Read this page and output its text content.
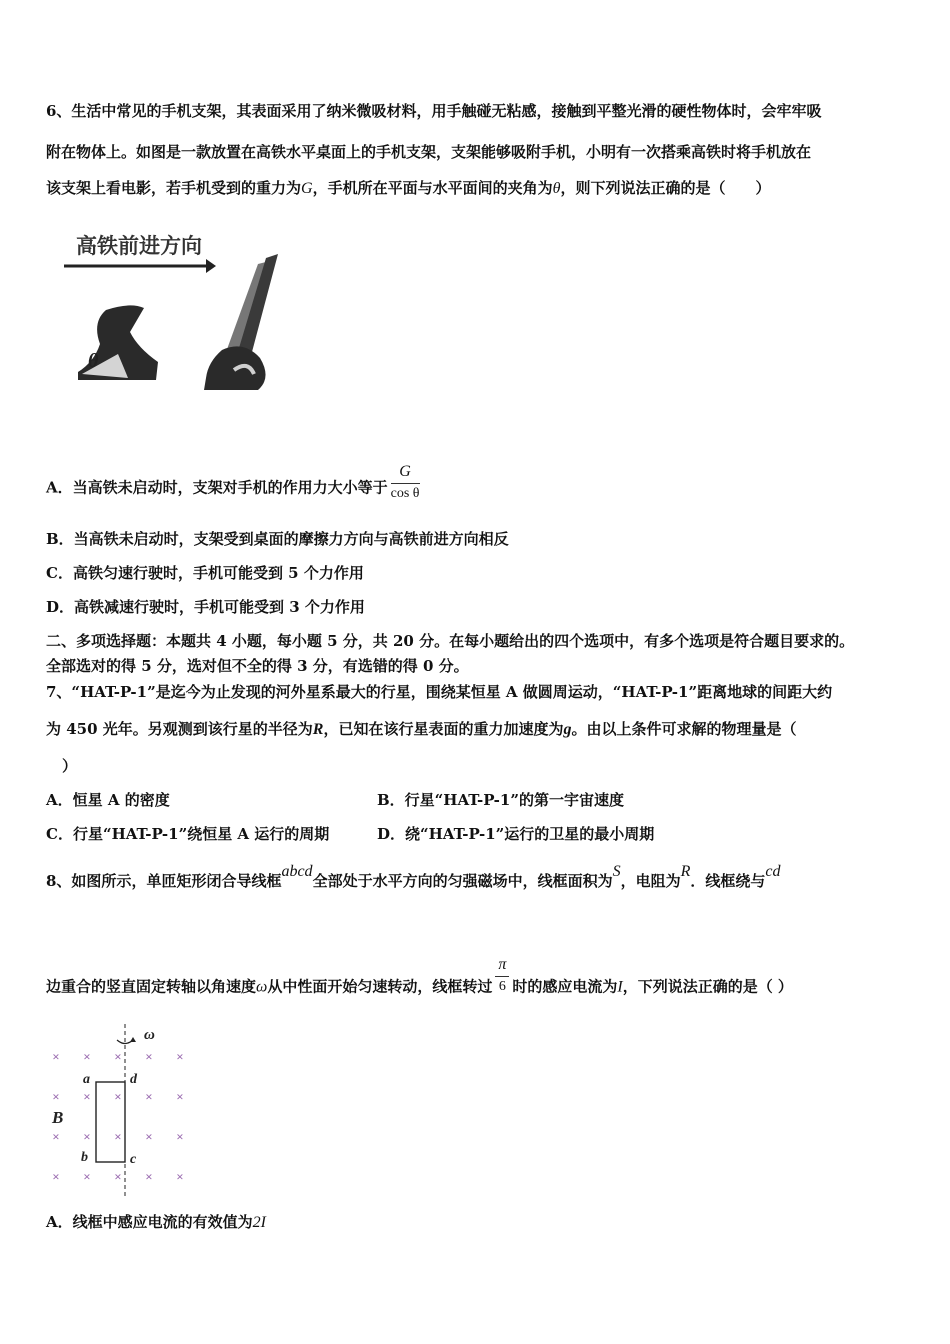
6、生活中常见的手机支架，其表面采用了纳米微吸材料，用手触碰无粘感，接触到平整光滑的硬性物体时，会牢牢吸
附在物体上。如图是一款放置在高铁水平桌面上的手机支架，支架能够吸附手机，小明有一次搭乘高铁时将手机放在
该支架上看电影，若手机受到的重力为G，手机所在平面与水平面间的夹角为θ，则下列说法正确的是（　　）
高铁前进方向
θ
A．当高铁未启动时，支架对手机的作用力大小等于 $\frac{G}{\text{cos θ}}$
B．当高铁未启动时，支架受到桌面的摩擦力方向与高铁前进方向相反
C．高铁匀速行驶时，手机可能受到 5 个力作用
D．高铁减速行驶时，手机可能受到 3 个力作用
二、多项选择题：本题共 4 小题，每小题 5 分，共 20 分。在每小题给出的四个选项中，有多个选项是符合题目要求的。
全部选对的得 5 分，选对但不全的得 3 分，有选错的得 0 分。
7、“HAT-P-1”是迄今为止发现的河外星系最大的行星，围绕某恒星 A 做圆周运动，“HAT-P-1”距离地球的间距大约
为 450 光年。另观测到该行星的半径为R，已知在该行星表面的重力加速度为g。由以上条件可求解的物理量是（
）
A．恒星 A 的密度	B．行星“HAT-P-1”的第一宇宙速度
C．行星“HAT-P-1”绕恒星 A 运行的周期	D．绕“HAT-P-1”运行的卫星的最小周期
8、如图所示，单匝矩形闭合导线框abcd全部处于水平方向的匀强磁场中，线框面积为S，电阻为R．线框绕与cd
边重合的竖直固定转轴以角速度ω从中性面开始匀速转动，线框转过 $\frac{\pi}{6}$ 时的感应电流为I，下列说法正确的是（ ）
× × × × ×
× × × × ×
× × × × ×
× × × × ×
ω
a	d
b	c
B
A．线框中感应电流的有效值为2I
